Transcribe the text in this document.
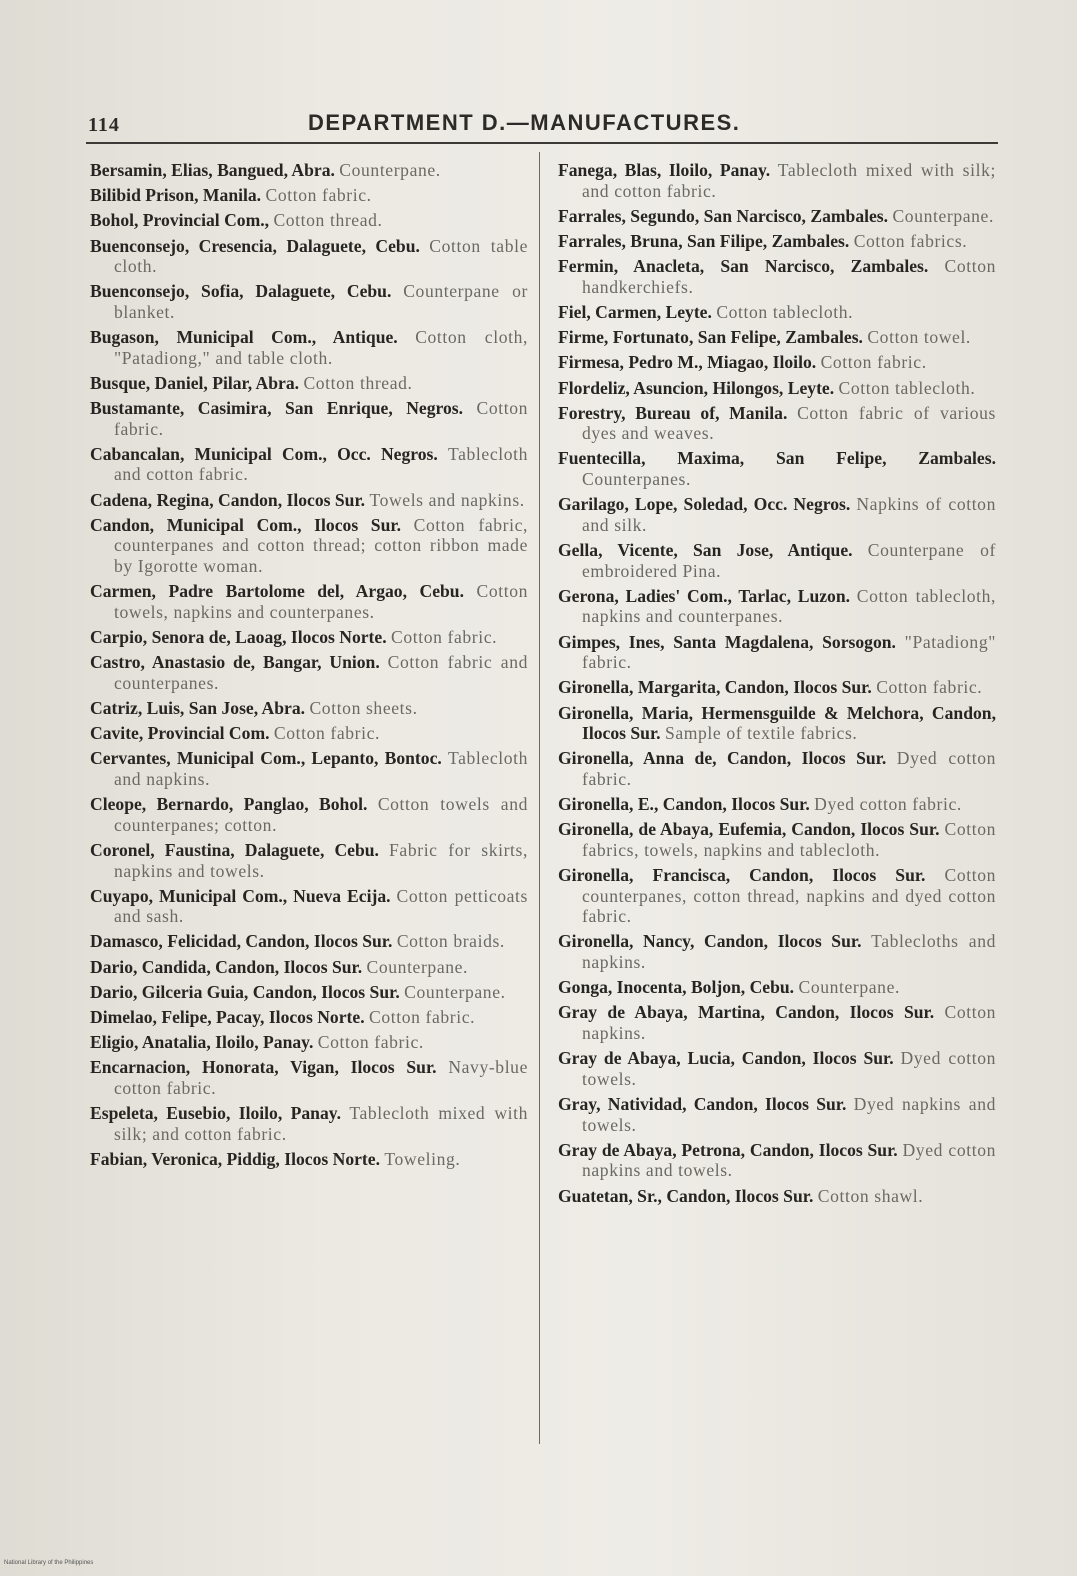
114	DEPARTMENT D.—MANUFACTURES.

Bersamin, Elias, Bangued, Abra. Counterpane.

Bilibid Prison, Manila. Cotton fabric.

Bohol, Provincial Com., Cotton thread.

Buenconsejo, Cresencia, Dalaguete, Cebu. Cotton table cloth.

Buenconsejo, Sofia, Dalaguete, Cebu. Counterpane or blanket.

Bugason, Municipal Com., Antique. Cotton cloth, "Patadiong," and table cloth.

Busque, Daniel, Pilar, Abra. Cotton thread.

Bustamante, Casimira, San Enrique, Negros. Cotton fabric.

Cabancalan, Municipal Com., Occ. Negros. Tablecloth and cotton fabric.

Cadena, Regina, Candon, Ilocos Sur. Towels and napkins.

Candon, Municipal Com., Ilocos Sur. Cotton fabric, counterpanes and cotton thread; cotton ribbon made by Igorotte woman.

Carmen, Padre Bartolome del, Argao, Cebu. Cotton towels, napkins and counterpanes.

Carpio, Senora de, Laoag, Ilocos Norte. Cotton fabric.

Castro, Anastasio de, Bangar, Union. Cotton fabric and counterpanes.

Catriz, Luis, San Jose, Abra. Cotton sheets.

Cavite, Provincial Com. Cotton fabric.

Cervantes, Municipal Com., Lepanto, Bontoc. Tablecloth and napkins.

Cleope, Bernardo, Panglao, Bohol. Cotton towels and counterpanes; cotton.

Coronel, Faustina, Dalaguete, Cebu. Fabric for skirts, napkins and towels.

Cuyapo, Municipal Com., Nueva Ecija. Cotton petticoats and sash.

Damasco, Felicidad, Candon, Ilocos Sur. Cotton braids.

Dario, Candida, Candon, Ilocos Sur. Counterpane.

Dario, Gilceria Guia, Candon, Ilocos Sur. Counterpane.

Dimelao, Felipe, Pacay, Ilocos Norte. Cotton fabric.

Eligio, Anatalia, Iloilo, Panay. Cotton fabric.

Encarnacion, Honorata, Vigan, Ilocos Sur. Navy-blue cotton fabric.

Espeleta, Eusebio, Iloilo, Panay. Tablecloth mixed with silk; and cotton fabric.

Fabian, Veronica, Piddig, Ilocos Norte. Toweling.

Fanega, Blas, Iloilo, Panay. Tablecloth mixed with silk; and cotton fabric.

Farrales, Segundo, San Narcisco, Zambales. Counterpane.

Farrales, Bruna, San Filipe, Zambales. Cotton fabrics.

Fermin, Anacleta, San Narcisco, Zambales. Cotton handkerchiefs.

Fiel, Carmen, Leyte. Cotton tablecloth.

Firme, Fortunato, San Felipe, Zambales. Cotton towel.

Firmesa, Pedro M., Miagao, Iloilo. Cotton fabric.

Flordeliz, Asuncion, Hilongos, Leyte. Cotton tablecloth.

Forestry, Bureau of, Manila. Cotton fabric of various dyes and weaves.

Fuentecilla, Maxima, San Felipe, Zambales. Counterpanes.

Garilago, Lope, Soledad, Occ. Negros. Napkins of cotton and silk.

Gella, Vicente, San Jose, Antique. Counterpane of embroidered Pina.

Gerona, Ladies' Com., Tarlac, Luzon. Cotton tablecloth, napkins and counterpanes.

Gimpes, Ines, Santa Magdalena, Sorsogon. "Patadiong" fabric.

Gironella, Margarita, Candon, Ilocos Sur. Cotton fabric.

Gironella, Maria, Hermensguilde & Melchora, Candon, Ilocos Sur. Sample of textile fabrics.

Gironella, Anna de, Candon, Ilocos Sur. Dyed cotton fabric.

Gironella, E., Candon, Ilocos Sur. Dyed cotton fabric.

Gironella, de Abaya, Eufemia, Candon, Ilocos Sur. Cotton fabrics, towels, napkins and tablecloth.

Gironella, Francisca, Candon, Ilocos Sur. Cotton counterpanes, cotton thread, napkins and dyed cotton fabric.

Gironella, Nancy, Candon, Ilocos Sur. Tablecloths and napkins.

Gonga, Inocenta, Boljon, Cebu. Counterpane.

Gray de Abaya, Martina, Candon, Ilocos Sur. Cotton napkins.

Gray de Abaya, Lucia, Candon, Ilocos Sur. Dyed cotton towels.

Gray, Natividad, Candon, Ilocos Sur. Dyed napkins and towels.

Gray de Abaya, Petrona, Candon, Ilocos Sur. Dyed cotton napkins and towels.

Guatetan, Sr., Candon, Ilocos Sur. Cotton shawl.

National Library of the Philippines
